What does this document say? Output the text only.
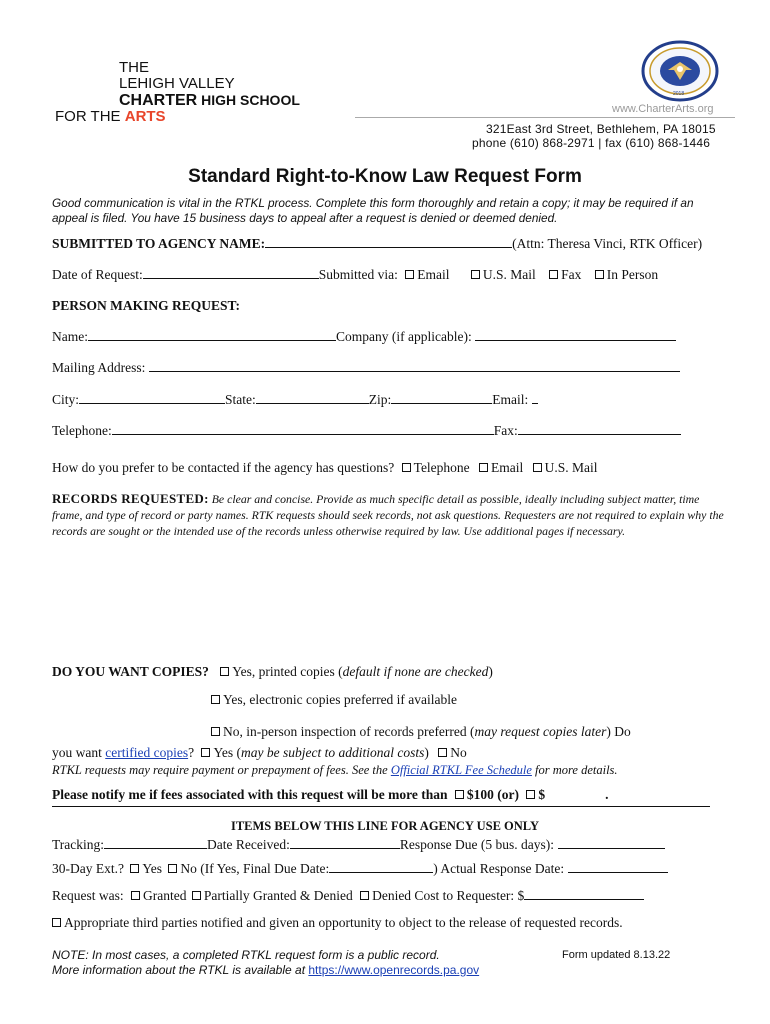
THE
LEHIGH VALLEY
CHARTER HIGH SCHOOL
FOR THE ARTS
2018
www.CharterArts.org
321East 3rd Street, Bethlehem, PA 18015
phone (610) 868-2971 | fax (610) 868-1446
Standard Right-to-Know Law Request Form
Good communication is vital in the RTKL process. Complete this form thoroughly and retain a copy; it may be required if an appeal is filed. You have 15 business days to appeal after a request is denied or deemed denied.
SUBMITTED TO AGENCY NAME:	(Attn: Theresa Vinci, RTK Officer)
Date of Request:	Submitted via: Email U.S. Mail Fax In Person
PERSON MAKING REQUEST:
Name:	Company (if applicable):
Mailing Address:
City:	State:	Zip:	Email:
Telephone:	Fax:
How do you prefer to be contacted if the agency has questions? Telephone Email U.S. Mail
RECORDS REQUESTED: Be clear and concise. Provide as much specific detail as possible, ideally including subject matter, time frame, and type of record or party names. RTK requests should seek records, not ask questions. Requesters are not required to explain why the records are sought or the intended use of the records unless otherwise required by law. Use additional pages if necessary.
DO YOU WANT COPIES? Yes, printed copies (default if none are checked)
Yes, electronic copies preferred if available
No, in-person inspection of records preferred (may request copies later) Do
you want certified copies? Yes (may be subject to additional costs) No
RTKL requests may require payment or prepayment of fees. See the Official RTKL Fee Schedule for more details.
Please notify me if fees associated with this request will be more than $100 (or) $	.
ITEMS BELOW THIS LINE FOR AGENCY USE ONLY
Tracking:	Date Received:	Response Due (5 bus. days):
30-Day Ext.? Yes No (If Yes, Final Due Date:	) Actual Response Date:
Request was: Granted Partially Granted & Denied Denied Cost to Requester: $
Appropriate third parties notified and given an opportunity to object to the release of requested records.
NOTE: In most cases, a completed RTKL request form is a public record.
More information about the RTKL is available at https://www.openrecords.pa.gov
Form updated 8.13.22
